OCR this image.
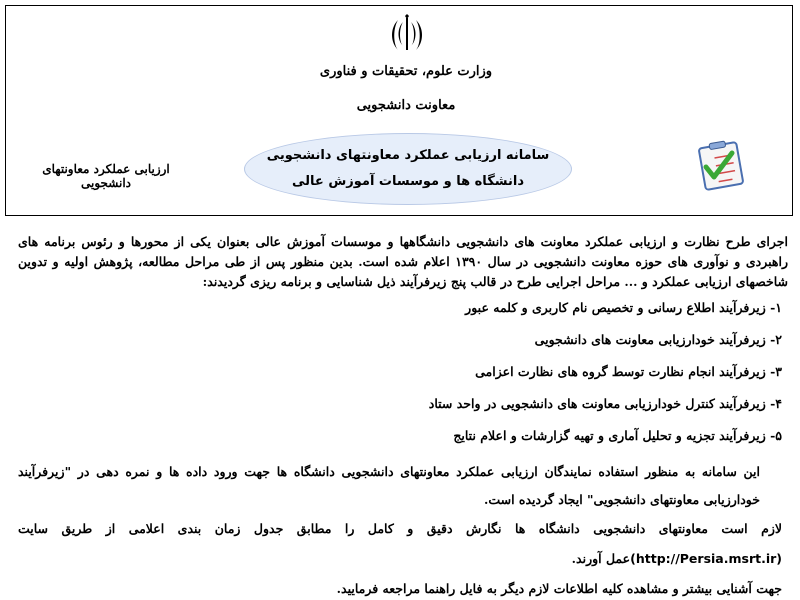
وزارت علوم، تحقیقات و فناوری
معاونت دانشجویی
سامانه ارزیابی عملکرد معاونتهای دانشجویی
دانشگاه ها و موسسات آموزش عالی
ارزیابی عملکرد معاونتهای دانشجویی

اجرای طرح نظارت و ارزیابی عملکرد معاونت های دانشجویی دانشگاهها و موسسات آموزش عالی بعنوان یکی از محورها و رئوس برنامه های راهبردی و نوآوری های حوزه معاونت دانشجویی در سال ۱۳۹۰ اعلام شده است. بدین منظور پس از طی مراحل مطالعه، پژوهش اولیه و تدوین شاخصهای ارزیابی عملکرد و ... مراحل اجرایی طرح در قالب پنج زیرفرآیند ذیل شناسایی و برنامه ریزی گردیدند:

۱- زیرفرآیند اطلاع رسانی و تخصیص نام کاربری و کلمه عبور
۲- زیرفرآیند خودارزیابی معاونت های دانشجویی
۳- زیرفرآیند انجام نظارت توسط گروه های نظارت اعزامی
۴- زیرفرآیند کنترل خودارزیابی معاونت های دانشجویی در واحد ستاد
۵- زیرفرآیند تجزیه و تحلیل آماری و تهیه گزارشات و اعلام نتایج

این سامانه به منظور استفاده نمایندگان ارزیابی عملکرد معاونتهای دانشجویی دانشگاه ها جهت ورود داده ها و نمره دهی در "زیرفرآیند خودارزیابی معاونتهای دانشجویی" ایجاد گردیده است.

لازم است معاونتهای دانشجویی دانشگاه ها نگارش دقیق و کامل را مطابق جدول زمان بندی اعلامی از طریق سایت (http://Persia.msrt.ir)عمل آورند.

جهت آشنایی بیشتر و مشاهده کلیه اطلاعات لازم دیگر به فایل راهنما مراجعه فرمایید.
